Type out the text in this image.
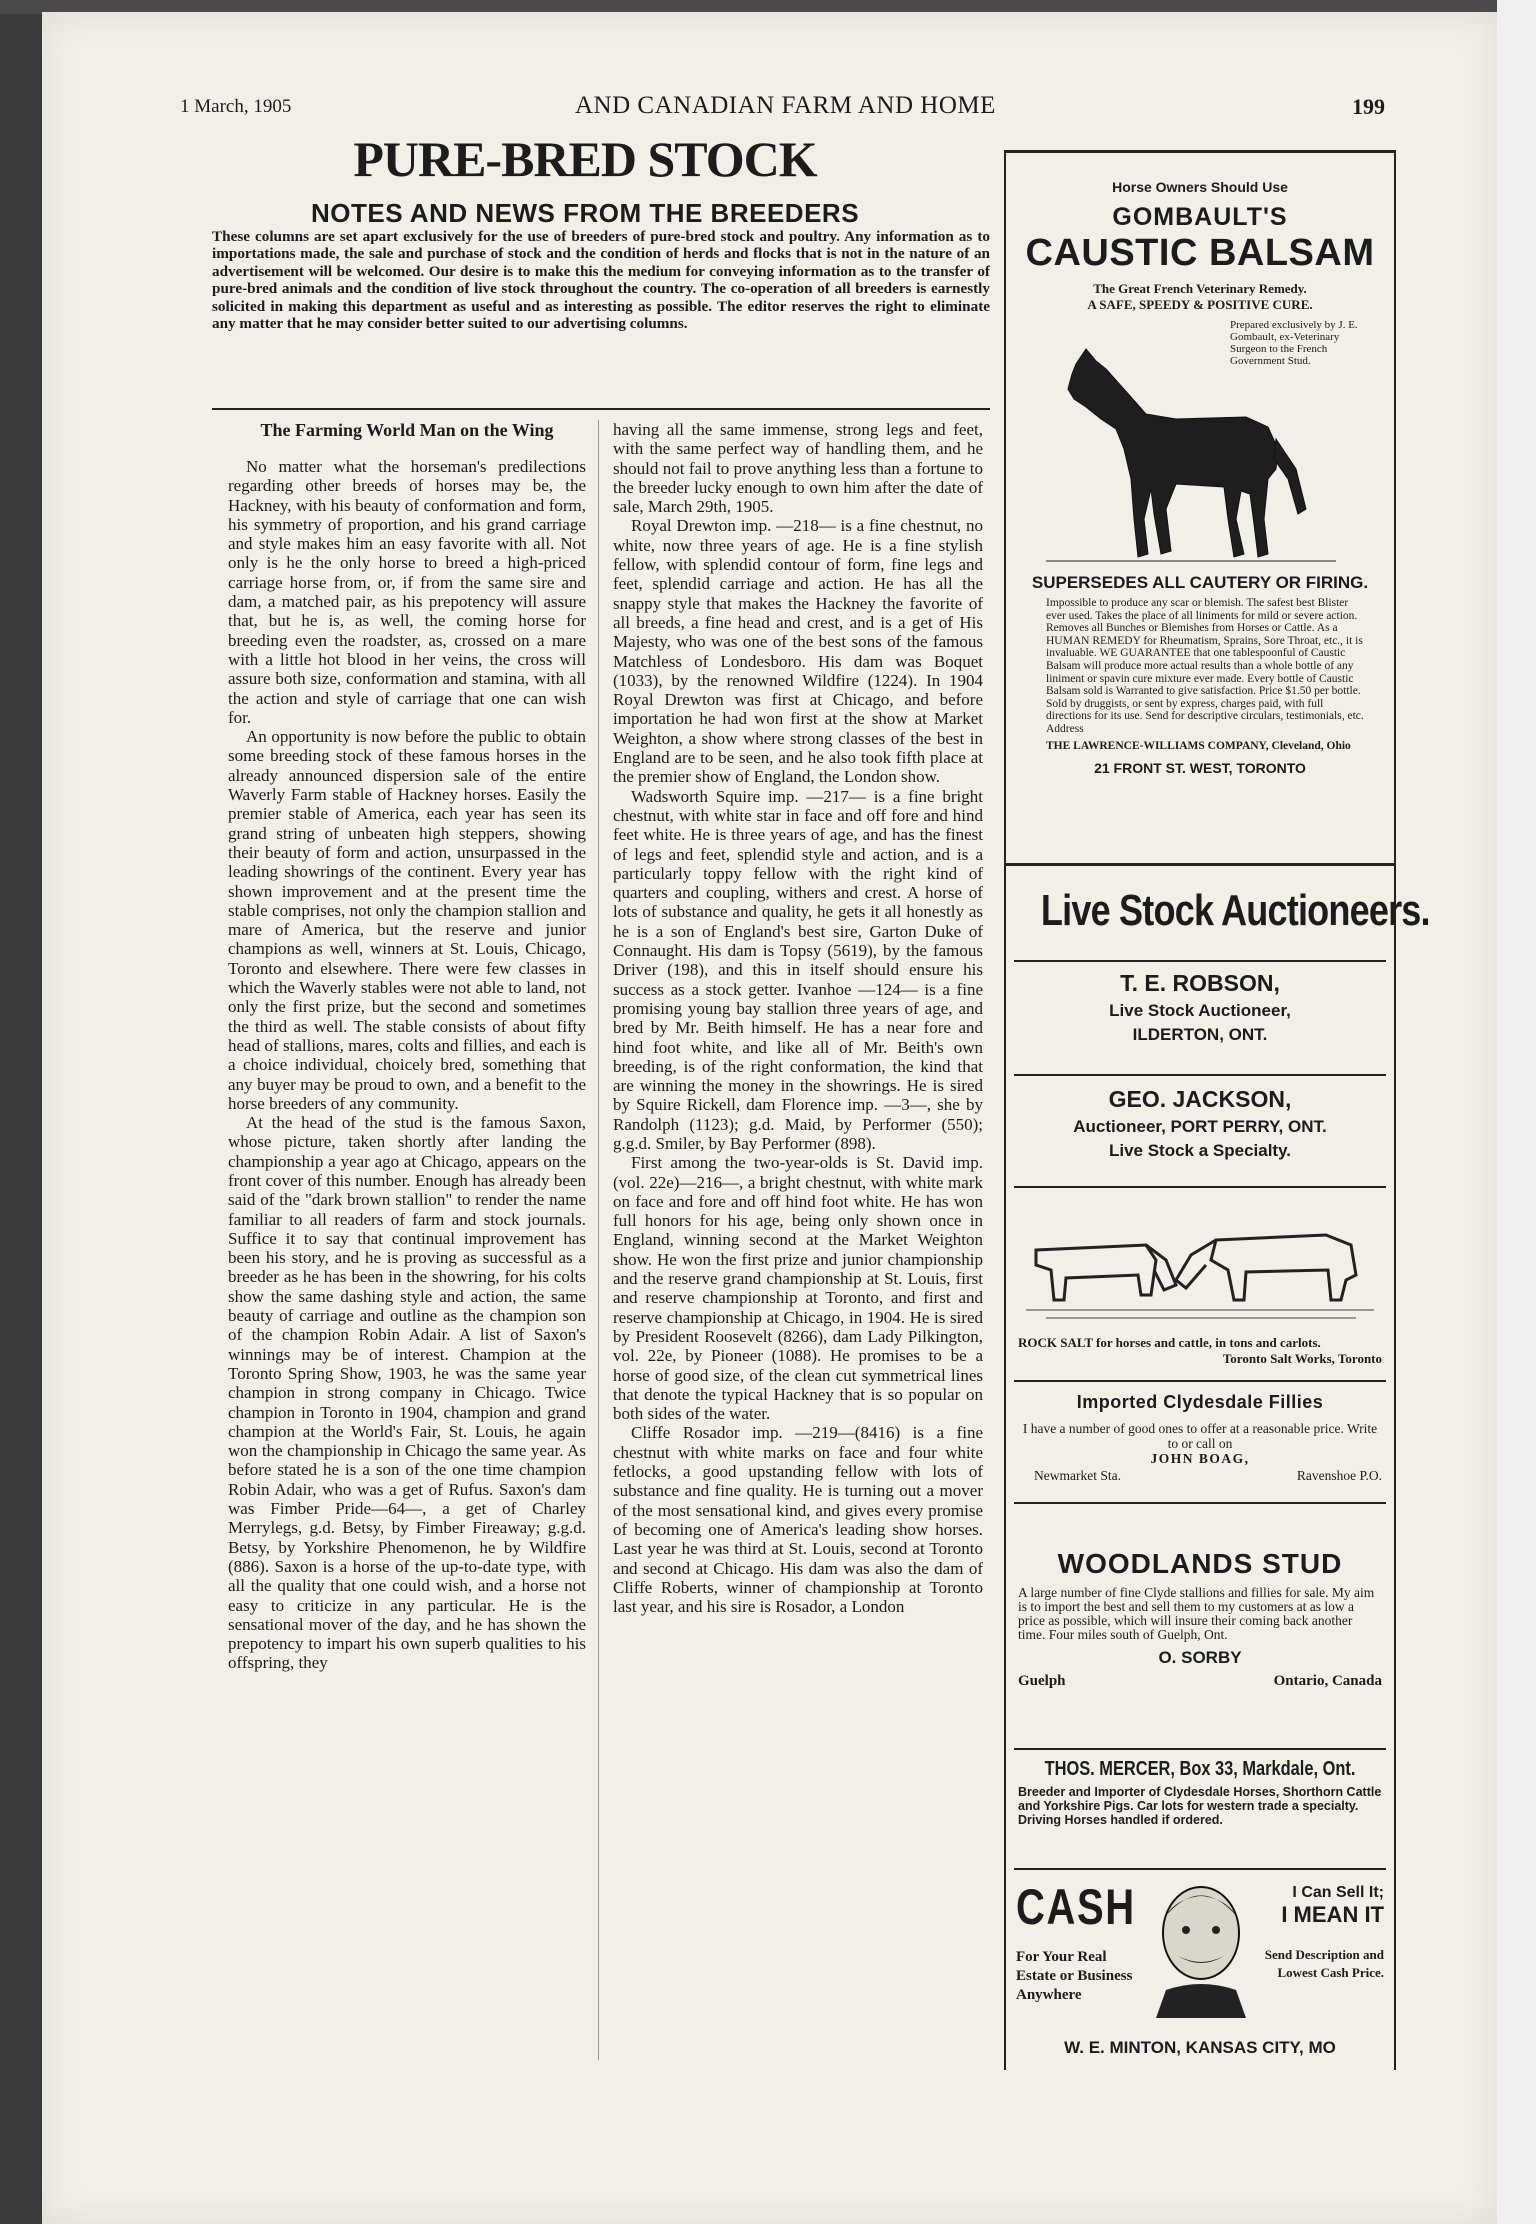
1 March, 1905	AND CANADIAN FARM AND HOME	199
PURE-BRED STOCK
NOTES AND NEWS FROM THE BREEDERS
These columns are set apart exclusively for the use of breeders of pure-bred stock and poultry. Any information as to importations made, the sale and purchase of stock and the condition of herds and flocks that is not in the nature of an advertisement will be welcomed. Our desire is to make this the medium for conveying information as to the transfer of pure-bred animals and the condition of live stock throughout the country. The co-operation of all breeders is earnestly solicited in making this department as useful and as interesting as possible. The editor reserves the right to eliminate any matter that he may consider better suited to our advertising columns.
The Farming World Man on the Wing

No matter what the horseman's predilections regarding other breeds of horses may be, the Hackney, with his beauty of conformation and form, his symmetry of proportion, and his grand carriage and style makes him an easy favorite with all. Not only is he the only horse to breed a high-priced carriage horse from, or, if from the same sire and dam, a matched pair, as his prepotency will assure that, but he is, as well, the coming horse for breeding even the roadster, as, crossed on a mare with a little hot blood in her veins, the cross will assure both size, conformation and stamina, with all the action and style of carriage that one can wish for.

An opportunity is now before the public to obtain some breeding stock of these famous horses in the already announced dispersion sale of the entire Waverly Farm stable of Hackney horses. Easily the premier stable of America, each year has seen its grand string of unbeaten high steppers, showing their beauty of form and action, unsurpassed in the leading showrings of the continent. Every year has shown improvement and at the present time the stable comprises, not only the champion stallion and mare of America, but the reserve and junior champions as well, winners at St. Louis, Chicago, Toronto and elsewhere. There were few classes in which the Waverly stables were not able to land, not only the first prize, but the second and sometimes the third as well. The stable consists of about fifty head of stallions, mares, colts and fillies, and each is a choice individual, choicely bred, something that any buyer may be proud to own, and a benefit to the horse breeders of any community.

At the head of the stud is the famous Saxon, whose picture, taken shortly after landing the championship a year ago at Chicago, appears on the front cover of this number. Enough has already been said of the "dark brown stallion" to render the name familiar to all readers of farm and stock journals. Suffice it to say that continual improvement has been his story, and he is proving as successful as a breeder as he has been in the showring, for his colts show the same dashing style and action, the same beauty of carriage and outline as the champion son of the champion Robin Adair. A list of Saxon's winnings may be of interest. Champion at the Toronto Spring Show, 1903, he was the same year champion in strong company in Chicago. Twice champion in Toronto in 1904, champion and grand champion at the World's Fair, St. Louis, he again won the championship in Chicago the same year. As before stated he is a son of the one time champion Robin Adair, who was a get of Rufus. Saxon's dam was Fimber Pride—64—, a get of Charley Merrylegs, g.d. Betsy, by Fimber Fireaway; g.g.d. Betsy, by Yorkshire Phenomenon, he by Wildfire (886). Saxon is a horse of the up-to-date type, with all the quality that one could wish, and a horse not easy to criticize in any particular. He is the sensational mover of the day, and he has shown the prepotency to impart his own superb qualities to his offspring, they

having all the same immense, strong legs and feet, with the same perfect way of handling them, and he should not fail to prove anything less than a fortune to the breeder lucky enough to own him after the date of sale, March 29th, 1905.

Royal Drewton imp. —218— is a fine chestnut, no white, now three years of age. He is a fine stylish fellow, with splendid contour of form, fine legs and feet, splendid carriage and action. He has all the snappy style that makes the Hackney the favorite of all breeds, a fine head and crest, and is a get of His Majesty, who was one of the best sons of the famous Matchless of Londesboro. His dam was Boquet (1033), by the renowned Wildfire (1224). In 1904 Royal Drewton was first at Chicago, and before importation he had won first at the show at Market Weighton, a show where strong classes of the best in England are to be seen, and he also took fifth place at the premier show of England, the London show.

Wadsworth Squire imp. —217— is a fine bright chestnut, with white star in face and off fore and hind feet white. He is three years of age, and has the finest of legs and feet, splendid style and action, and is a particularly toppy fellow with the right kind of quarters and coupling, withers and crest. A horse of lots of substance and quality, he gets it all honestly as he is a son of England's best sire, Garton Duke of Connaught. His dam is Topsy (5619), by the famous Driver (198), and this in itself should ensure his success as a stock getter. Ivanhoe —124— is a fine promising young bay stallion three years of age, and bred by Mr. Beith himself. He has a near fore and hind foot white, and like all of Mr. Beith's own breeding, is of the right conformation, the kind that are winning the money in the showrings. He is sired by Squire Rickell, dam Florence imp. —3—, she by Randolph (1123); g.d. Maid, by Performer (550); g.g.d. Smiler, by Bay Performer (898).

First among the two-year-olds is St. David imp. (vol. 22e)—216—, a bright chestnut, with white mark on face and fore and off hind foot white. He has won full honors for his age, being only shown once in England, winning second at the Market Weighton show. He won the first prize and junior championship and the reserve grand championship at St. Louis, first and reserve championship at Toronto, and first and reserve championship at Chicago, in 1904. He is sired by President Roosevelt (8266), dam Lady Pilkington, vol. 22e, by Pioneer (1088). He promises to be a horse of good size, of the clean cut symmetrical lines that denote the typical Hackney that is so popular on both sides of the water.

Cliffe Rosador imp. —219—(8416) is a fine chestnut with white marks on face and four white fetlocks, a good upstanding fellow with lots of substance and fine quality. He is turning out a mover of the most sensational kind, and gives every promise of becoming one of America's leading show horses. Last year he was third at St. Louis, second at Toronto and second at Chicago. His dam was also the dam of Cliffe Roberts, winner of championship at Toronto last year, and his sire is Rosador, a London

Horse Owners Should Use
GOMBAULT'S
CAUSTIC BALSAM
The Great French Veterinary Remedy.
A SAFE, SPEEDY & POSITIVE CURE.
Prepared exclusively by J. E. Gombault, ex-Veterinary Surgeon to the French Government Stud.
SUPERSEDES ALL CAUTERY OR FIRING.
Impossible to produce any scar or blemish. The safest best Blister ever used. Takes the place of all liniments for mild or severe action. Removes all Bunches or Blemishes from Horses or Cattle. As a HUMAN REMEDY for Rheumatism, Sprains, Sore Throat, etc., it is invaluable. WE GUARANTEE that one tablespoonful of Caustic Balsam will produce more actual results than a whole bottle of any liniment or spavin cure mixture ever made. Every bottle of Caustic Balsam sold is Warranted to give satisfaction. Price $1.50 per bottle. Sold by druggists, or sent by express, charges paid, with full directions for its use. Send for descriptive circulars, testimonials, etc. Address
THE LAWRENCE-WILLIAMS COMPANY, Cleveland, Ohio
21 FRONT ST. WEST, TORONTO
Live Stock Auctioneers.
T. E. ROBSON,
Live Stock Auctioneer,
ILDERTON, ONT.
GEO. JACKSON,
Auctioneer, PORT PERRY, ONT.
Live Stock a Specialty.
ROCK SALT for horses and cattle, in tons and carlots.
Toronto Salt Works, Toronto
Imported Clydesdale Fillies
I have a number of good ones to offer at a reasonable price. Write to or call on
JOHN BOAG,
Newmarket Sta.	Ravenshoe P.O.
WOODLANDS STUD
A large number of fine Clyde stallions and fillies for sale. My aim is to import the best and sell them to my customers at as low a price as possible, which will insure their coming back another time. Four miles south of Guelph, Ont.
O. SORBY
Guelph	Ontario, Canada
THOS. MERCER, Box 33, Markdale, Ont.
Breeder and Importer of Clydesdale Horses, Shorthorn Cattle and Yorkshire Pigs. Car lots for western trade a specialty. Driving Horses handled if ordered.
CASH
For Your Real Estate or Business Anywhere
I Can Sell It;
I MEAN IT
Send Description and Lowest Cash Price.
W. E. MINTON, KANSAS CITY, MO
